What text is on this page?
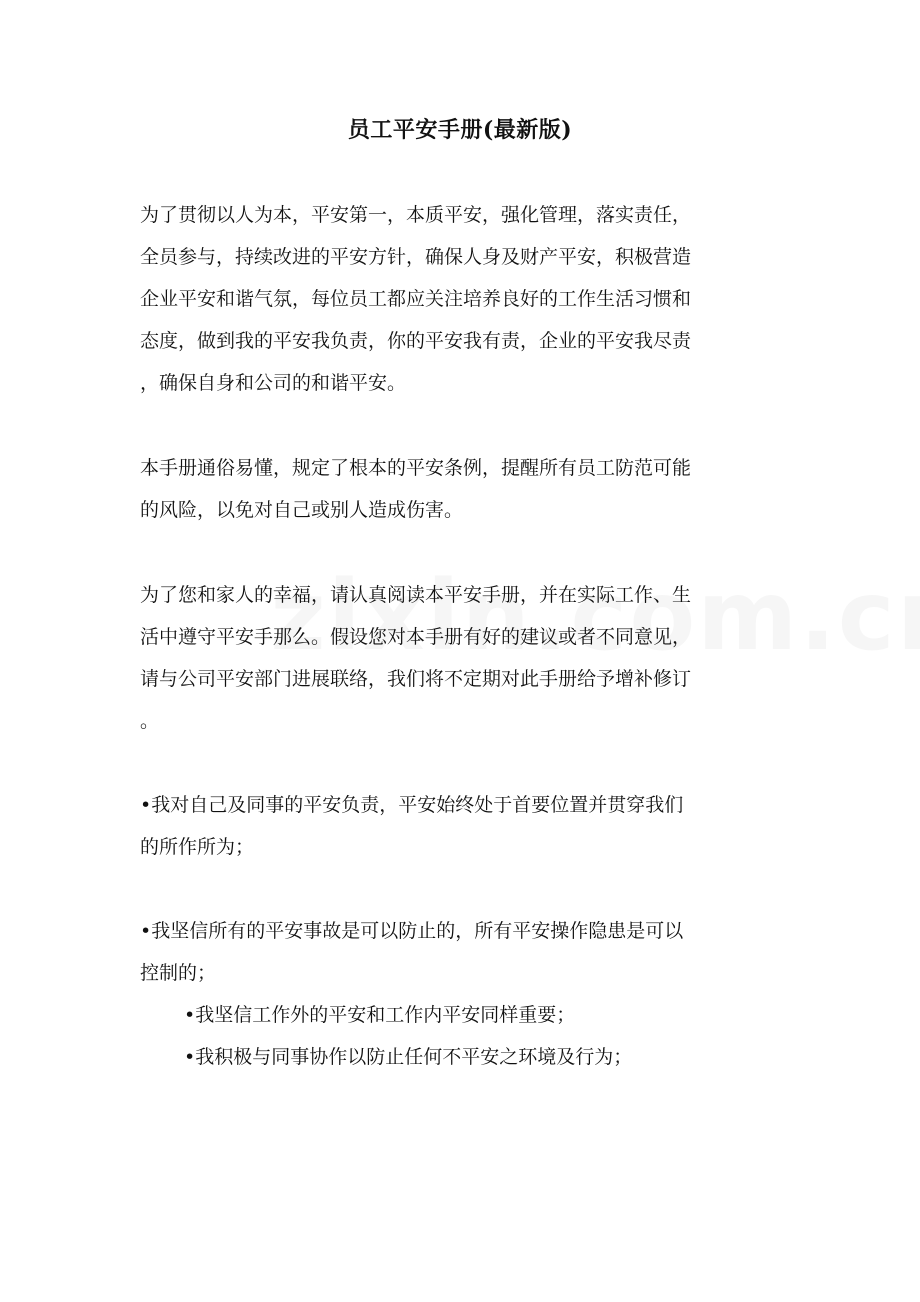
员工平安手册(最新版)
为了贯彻以人为本，平安第一，本质平安，强化管理，落实责任，
全员参与，持续改进的平安方针，确保人身及财产平安，积极营造
企业平安和谐气氛，每位员工都应关注培养良好的工作生活习惯和
态度，做到我的平安我负责，你的平安我有责，企业的平安我尽责
，确保自身和公司的和谐平安。
本手册通俗易懂，规定了根本的平安条例，提醒所有员工防范可能
的风险，以免对自己或别人造成伤害。
为了您和家人的幸福，请认真阅读本平安手册，并在实际工作、生
活中遵守平安手那么。假设您对本手册有好的建议或者不同意见，
请与公司平安部门进展联络，我们将不定期对此手册给予增补修订
。
•我对自己及同事的平安负责，平安始终处于首要位置并贯穿我们
的所作所为；
•我坚信所有的平安事故是可以防止的，所有平安操作隐患是可以
控制的；
•我坚信工作外的平安和工作内平安同样重要；
•我积极与同事协作以防止任何不平安之环境及行为；
